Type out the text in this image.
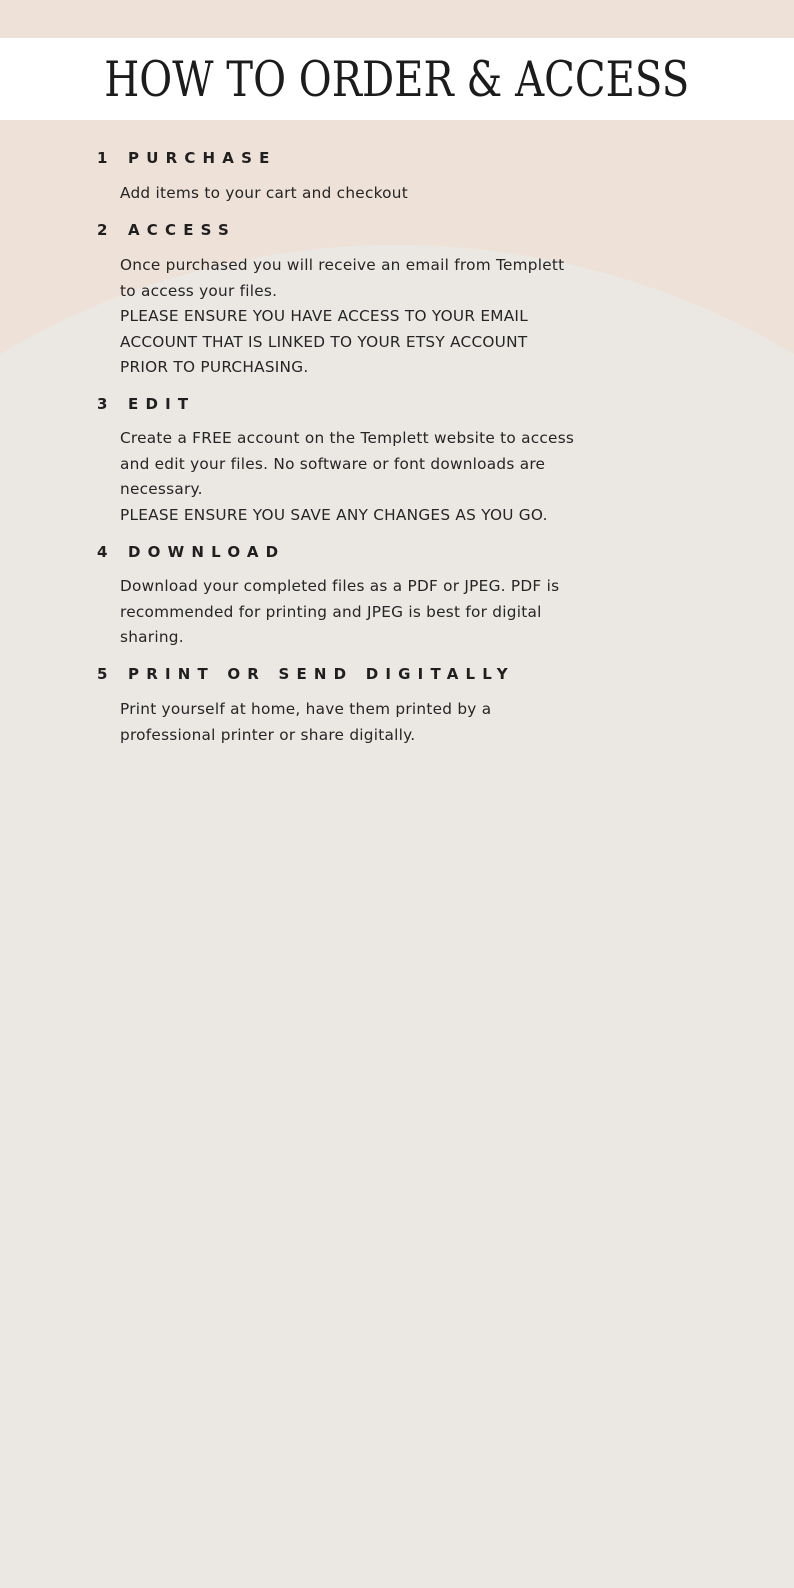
HOW TO ORDER & ACCESS
1	PURCHASE
Add items to your cart and checkout
2	ACCESS
Once purchased you will receive an email from Templett
to access your files.
PLEASE ENSURE YOU HAVE ACCESS TO YOUR EMAIL
ACCOUNT THAT IS LINKED TO YOUR ETSY ACCOUNT
PRIOR TO PURCHASING.
3	EDIT
Create a FREE account on the Templett website to access
and edit your files. No software or font downloads are
necessary.
PLEASE ENSURE YOU SAVE ANY CHANGES AS YOU GO.
4	DOWNLOAD
Download your completed files as a PDF or JPEG. PDF is
recommended for printing and JPEG is best for digital
sharing.
5	PRINT OR SEND DIGITALLY
Print yourself at home, have them printed by a
professional printer or share digitally.
